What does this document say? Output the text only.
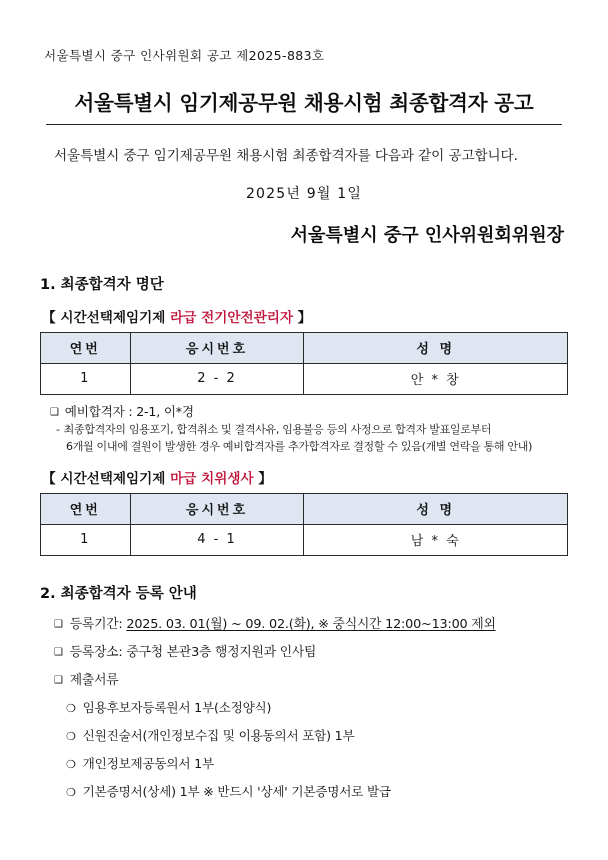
서울특별시 중구 인사위원회 공고 제2025-883호
서울특별시 임기제공무원 채용시험 최종합격자 공고

서울특별시 중구 임기제공무원 채용시험 최종합격자를 다음과 같이 공고합니다.

2025년 9월 1일
서울특별시 중구 인사위원회위원장
1. 최종합격자 명단
【 시간선택제임기제 라급 전기안전관리자 】
연번	응시번호	성 명
1	2 - 2	안 * 창
❑ 예비합격자 : 2-1, 이*경
- 최종합격자의 임용포기, 합격취소 및 결격사유, 임용불응 등의 사정으로 합격자 발표일로부터
6개월 이내에 결원이 발생한 경우 예비합격자를 추가합격자로 결정할 수 있음(개별 연락을 통해 안내)
【 시간선택제임기제 마급 치위생사 】
연번	응시번호	성 명
1	4 - 1	남 * 숙
2. 최종합격자 등록 안내
❑ 등록기간: 2025. 03. 01(월) ~ 09. 02.(화), ※ 중식시간 12:00~13:00 제외
❑ 등록장소: 중구청 본관3층 행정지원과 인사팀
❑ 제출서류
❍ 임용후보자등록원서 1부(소정양식)
❍ 신원진술서(개인정보수집 및 이용동의서 포함) 1부
❍ 개인정보제공동의서 1부
❍ 기본증명서(상세) 1부 ※ 반드시 '상세' 기본증명서로 발급
